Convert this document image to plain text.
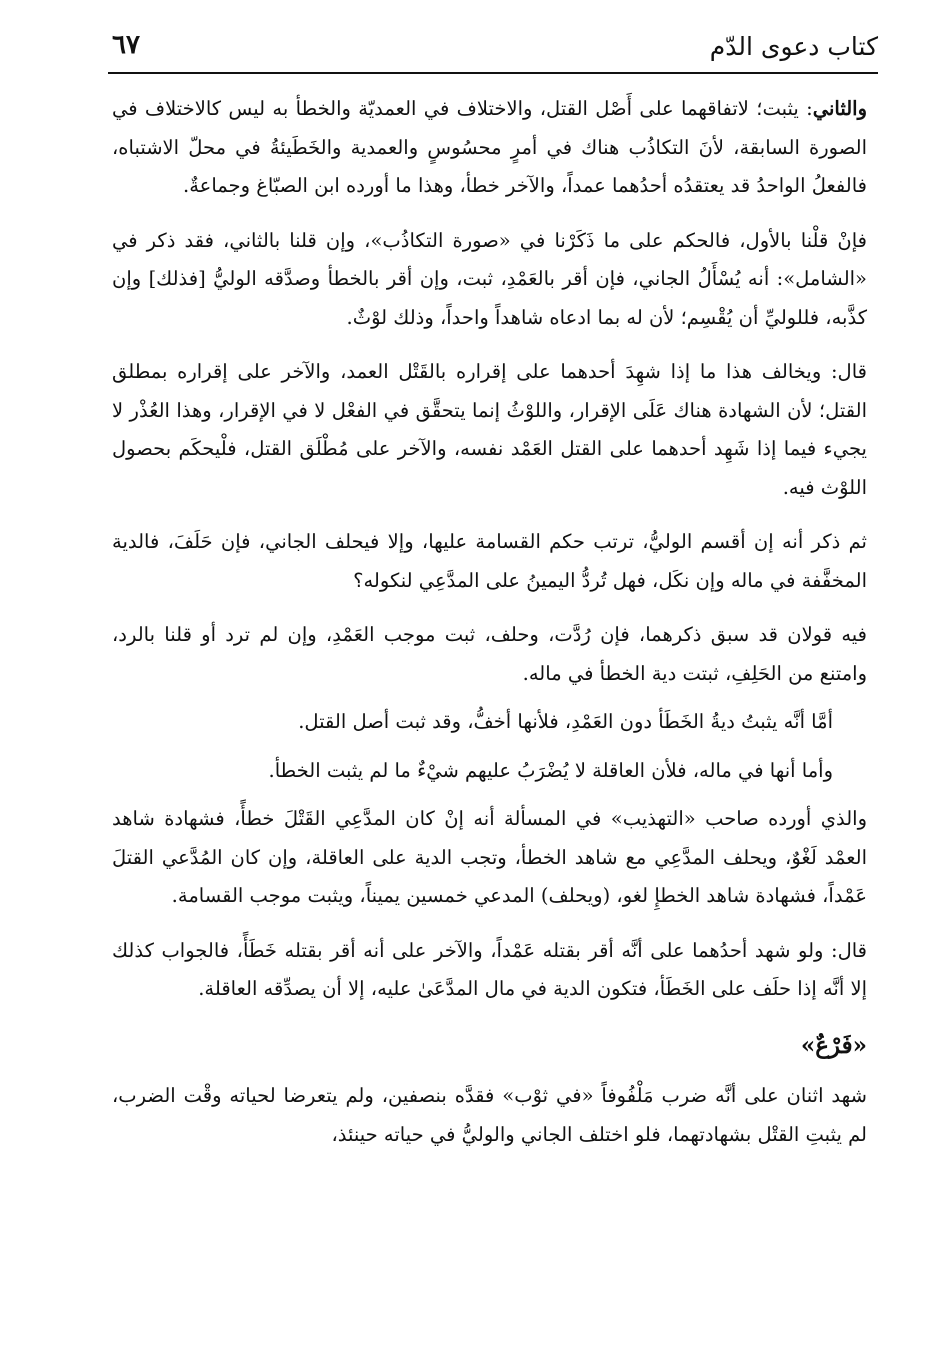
كتاب دعوى الدّم
٦٧

والثاني: يثبت؛ لاتفاقهما على أَصْل القتل، والاختلاف في العمديّة والخطأ به ليس كالاختلاف في الصورة السابقة، لأنَ التكاذُب هناك في أمرٍ محسُوسٍ والعمدية والخَطَيئةُ في محلّ الاشتباه، فالفعلُ الواحدُ قد يعتقدُه أحدُهما عمداً، والآخر خطأ، وهذا ما أورده ابن الصبّاغ وجماعةٌ.

فإنْ قلْنا بالأول، فالحكم على ما ذَكَرْنا في «صورة التكاذُب»، وإن قلنا بالثاني، فقد ذكر في «الشامل»: أنه يُسْأَلُ الجاني، فإن أقر بالعَمْدِ، ثبت، وإن أقر بالخطأ وصدَّقه الوليُّ [فذلك] وإن كذَّبه، فللوليِّ أن يُقْسِم؛ لأن له بما ادعاه شاهداً واحداً، وذلك لوْثٌ.

قال: ويخالف هذا ما إذا شهِدَ أحدهما على إقراره بالقَتْل العمد، والآخر على إقراره بمطلق القتل؛ لأن الشهادة هناك عَلَى الإقرار، واللوْثُ إنما يتحقَّق في الفعْل لا في الإقرار، وهذا العُذْر لا يجيء فيما إذا شَهِد أحدهما على القتل العَمْد نفسه، والآخر على مُطْلَق القتل، فلْيحكَم بحصول اللوْث فيه.

ثم ذكر أنه إن أقسم الوليُّ، ترتب حكم القسامة عليها، وإلا فيحلف الجاني، فإن حَلَفَ، فالدية المخفَّفة في ماله وإن نكَل، فهل تُردُّ اليمينُ على المدَّعِي لنكوله؟

فيه قولان قد سبق ذكرهما، فإن رُدَّت، وحلف، ثبت موجب العَمْدِ، وإن لم ترد أو قلنا بالرد، وامتنع من الحَلِفِ، ثبتت دية الخطأ في ماله.

أمَّا أنَّه يثبتُ ديةُ الخَطَأ دون العَمْدِ، فلأنها أخفُّ، وقد ثبت أصل القتل.

وأما أنها في ماله، فلأن العاقلة لا يُضْرَبُ عليهم شيْءٌ ما لم يثبت الخطأ.

والذي أورده صاحب «التهذيب» في المسألة أنه إنْ كان المدَّعِي القَتْلَ خطأً، فشهادة شاهد العمْد لَغْوٌ، ويحلف المدَّعِي مع شاهد الخطأ، وتجب الدية على العاقلة، وإن كان المُدَّعي القتلَ عَمْداً، فشهادة شاهد الخطإِ لغو، (ويحلف) المدعي خمسين يميناً، ويثبت موجب القسامة.

قال: ولو شهد أحدُهما على أنَّه أقر بقتله عَمْداً، والآخر على أنه أقر بقتله خَطَأً، فالجواب كذلك إلا أنَّه إذا حلَف على الخَطَأ، فتكون الدية في مال المدَّعَىٰ عليه، إلا أن يصدِّقه العاقلة.

«فَرْعٌ»

شهد اثنان على أنَّه ضرب مَلْفُوفاً «في ثوْب» فقدَّه بنصفين، ولم يتعرضا لحياته وقْت الضرب، لم يثبتِ القتْل بشهادتهما، فلو اختلف الجاني والوليُّ في حياته حينئذ،
